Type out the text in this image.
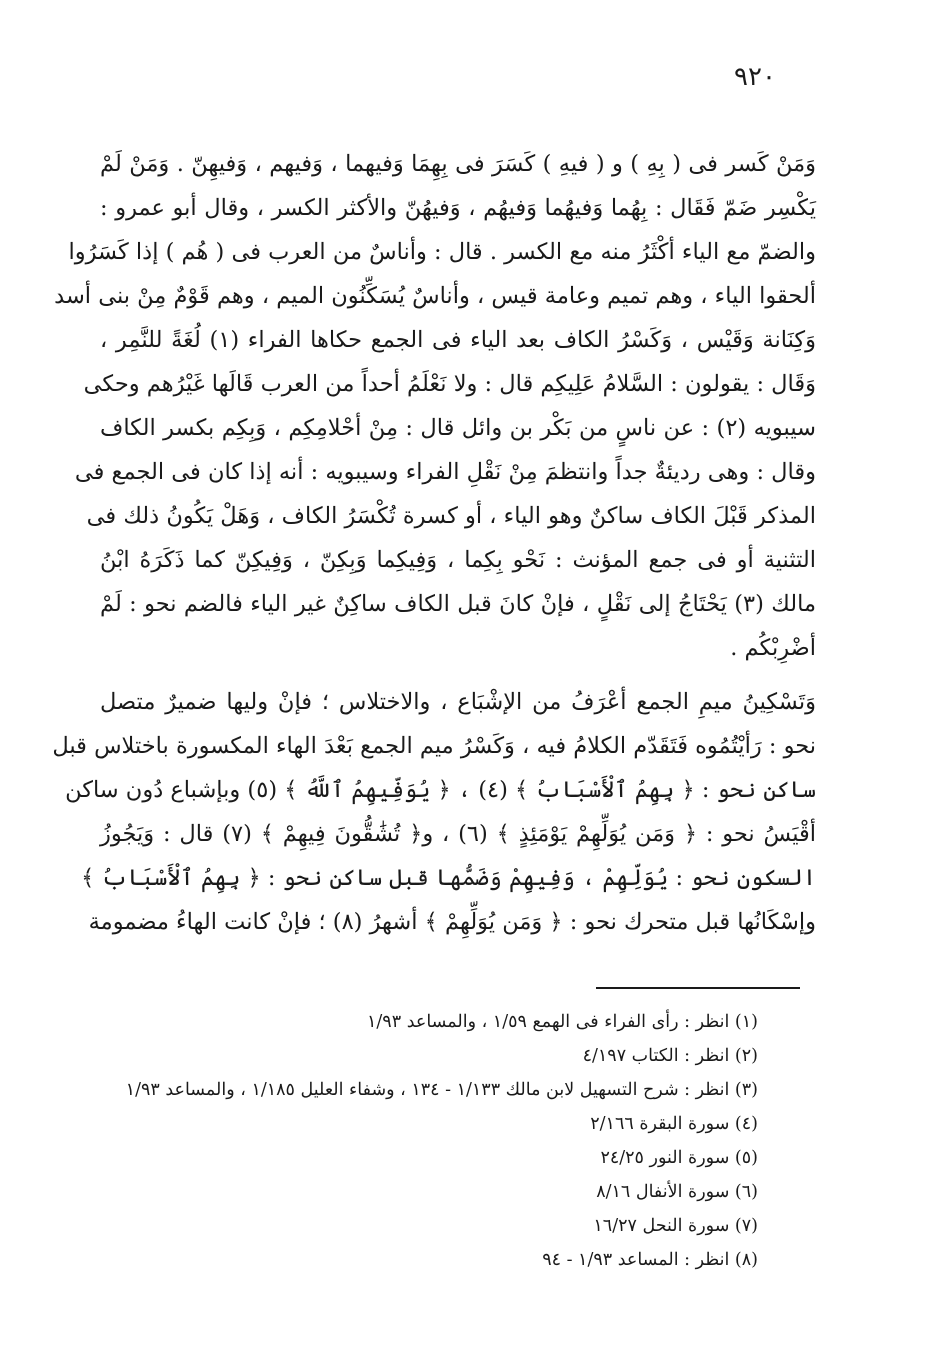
٩٢٠
وَمَنْ كَسر فى ( بِهِ ) و ( فيهِ ) كَسَرَ فى بِهِمَا وَفيهما ، وَفيهم ، وَفيهِنّ . وَمَنْ لَمْ
يَكْسِر ضَمّ فَقَال : بِهُما وَفيهُما وَفيهُم ، وَفيهُنّ والأكثر الكسر ، وقال أبو عمرو :
والضمّ مع الياء أكْثَرُ منه مع الكسر . قال : وأناسٌ من العرب فى ( هُم ) إذا كَسَرُوا
ألحقوا الياء ، وهم تميم وعامة قيس ، وأناسٌ يُسَكِّنُون الميم ، وهم قَوْمٌ مِنْ بنى أسد
وَكِنَانة وَقَيْس ، وَكَسْرُ الكاف بعد الياء فى الجمع حكاها الفراء (١) لُغَةً للنَّمِر ،
وَقَال : يقولون : السَّلامُ عَلِيكِم قال : ولا نَعْلَمُ أحداً من العرب قَالَها غَيْرُهم وحكى
سيبويه (٢) : عن ناسٍ من بَكْر بن وائل قال : مِنْ أحْلامِكِم ، وَبِكِم بكسر الكاف
وقال : وهى رديئةٌ جداً وانتظمَ مِنْ نَقْلِ الفراء وسيبويه : أنه إذا كان فى الجمع فى
المذكر قَبْلَ الكاف ساكنٌ وهو الياء ، أو كسرة تُكْسَرُ الكاف ، وَهَلْ يَكُونُ ذلك فى
التثنية أو فى جمع المؤنث : نَحْو بِكِما ، وَفِيكِما وَبِكِنّ ، وَفِيكِنّ كما ذَكَرَهُ ابْنُ
مالك (٣) يَحْتَاجُ إلى نَقْلٍ ، فإنْ كانَ قبل الكاف ساكِنٌ غير الياء فالضم نحو : لَمْ
أضْرِبْكُم .
وَتَسْكِينُ ميمِ الجمع أعْرَفُ من الإشْبَاع ، والاختلاس ؛ فإنْ وليها ضميرٌ متصل
نحو : رَأيْتُمُوه فَتَقَدّم الكلامُ فيه ، وَكَسْرُ ميم الجمع بَعْدَ الهاء المكسورة باختلاس قبل
ساكن نحو : ﴿ بِهِمُ ٱلْأَسْبَابُ ﴾ (٤) ، ﴿ يُوَفِّيهِمُ ٱللَّهُ ﴾ (٥) وبإشباع دُون ساكن
أقْيَسُ نحو : ﴿ وَمَن يُوَلِّهِمْ يَوْمَئِذٍ ﴾ (٦) ، و﴿ تُشَٰقُّونَ فِيهِمْ ﴾ (٧) قال : وَيَجُوزُ
السكون نحو : يُوَلِّهِمْ ، وَفِيهِمْ وَضَمُّها قبل ساكن نحو : ﴿ بِهِمُ ٱلْأَسْبَابُ ﴾
وإسْكَانُها قبل متحرك نحو : ﴿ وَمَن يُوَلِّهِمْ ﴾ أشهرُ (٨) ؛ فإنْ كانت الهاءُ مضمومة
(١) انظر : رأى الفراء فى الهمع ١/٥٩ ، والمساعد ١/٩٣
(٢) انظر : الكتاب ٤/١٩٧
(٣) انظر : شرح التسهيل لابن مالك ١/١٣٣ - ١٣٤ ، وشفاء العليل ١/١٨٥ ، والمساعد ١/٩٣
(٤) سورة البقرة ٢/١٦٦
(٥) سورة النور ٢٤/٢٥
(٦) سورة الأنفال ٨/١٦
(٧) سورة النحل ١٦/٢٧
(٨) انظر : المساعد ١/٩٣ - ٩٤
